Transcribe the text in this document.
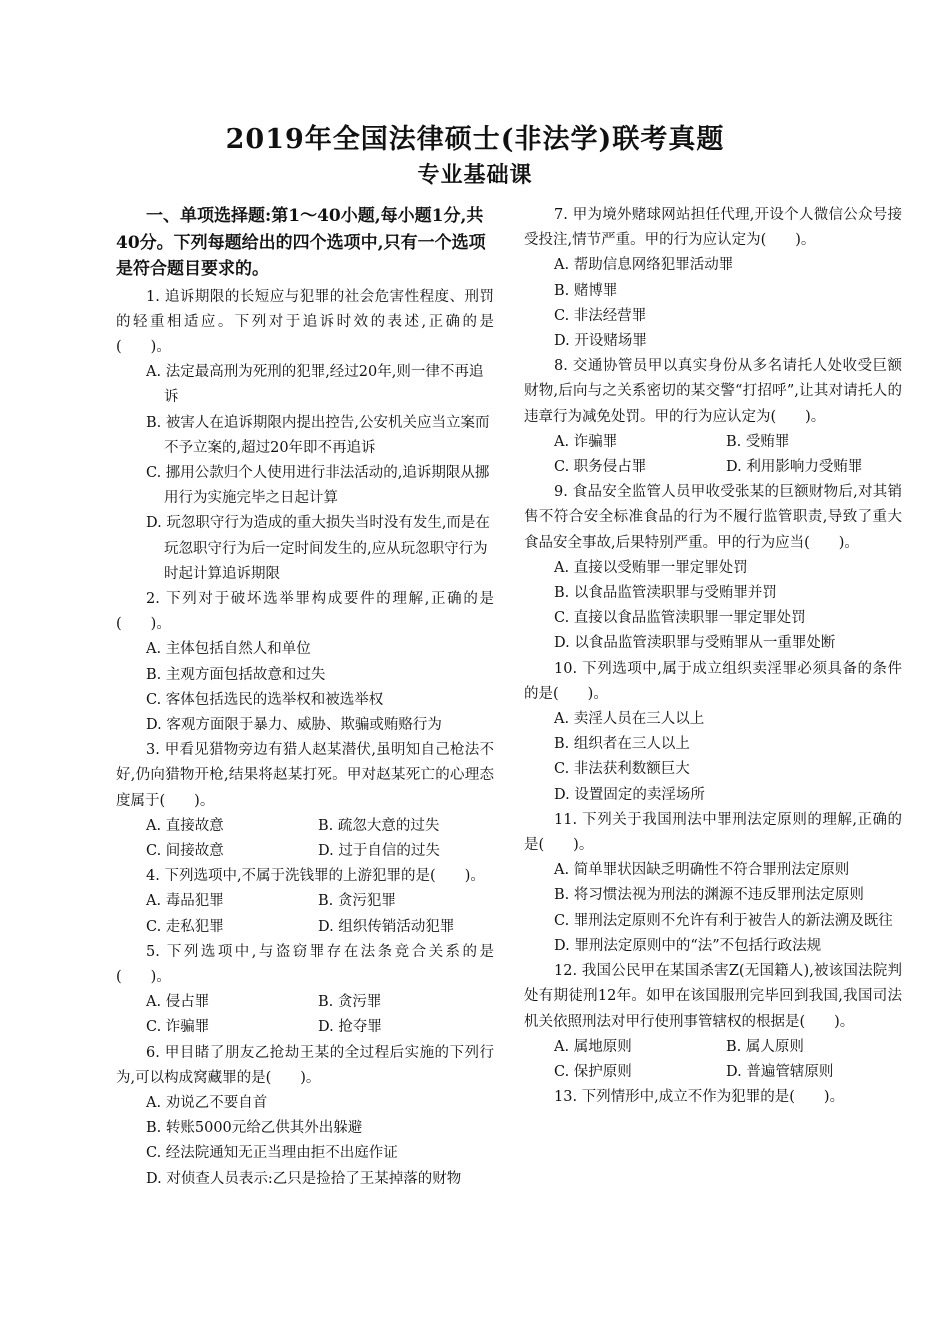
2019年全国法律硕士(非法学)联考真题
专业基础课
一、单项选择题:第1～40小题,每小题1分,共40分。下列每题给出的四个选项中,只有一个选项是符合题目要求的。
1. 追诉期限的长短应与犯罪的社会危害性程度、刑罚的轻重相适应。下列对于追诉时效的表述,正确的是(　　)。
A. 法定最高刑为死刑的犯罪,经过20年,则一律不再追诉
B. 被害人在追诉期限内提出控告,公安机关应当立案而不予立案的,超过20年即不再追诉
C. 挪用公款归个人使用进行非法活动的,追诉期限从挪用行为实施完毕之日起计算
D. 玩忽职守行为造成的重大损失当时没有发生,而是在玩忽职守行为后一定时间发生的,应从玩忽职守行为时起计算追诉期限
2. 下列对于破坏选举罪构成要件的理解,正确的是(　　)。
A. 主体包括自然人和单位
B. 主观方面包括故意和过失
C. 客体包括选民的选举权和被选举权
D. 客观方面限于暴力、威胁、欺骗或贿赂行为
3. 甲看见猎物旁边有猎人赵某潜伏,虽明知自己枪法不好,仍向猎物开枪,结果将赵某打死。甲对赵某死亡的心理态度属于(　　)。
A. 直接故意	B. 疏忽大意的过失
C. 间接故意	D. 过于自信的过失
4. 下列选项中,不属于洗钱罪的上游犯罪的是(　　)。
A. 毒品犯罪	B. 贪污犯罪
C. 走私犯罪	D. 组织传销活动犯罪
5. 下列选项中,与盗窃罪存在法条竞合关系的是(　　)。
A. 侵占罪	B. 贪污罪
C. 诈骗罪	D. 抢夺罪
6. 甲目睹了朋友乙抢劫王某的全过程后实施的下列行为,可以构成窝藏罪的是(　　)。
A. 劝说乙不要自首
B. 转账5000元给乙供其外出躲避
C. 经法院通知无正当理由拒不出庭作证
D. 对侦查人员表示:乙只是捡拾了王某掉落的财物
7. 甲为境外赌球网站担任代理,开设个人微信公众号接受投注,情节严重。甲的行为应认定为(　　)。
A. 帮助信息网络犯罪活动罪
B. 赌博罪
C. 非法经营罪
D. 开设赌场罪
8. 交通协管员甲以真实身份从多名请托人处收受巨额财物,后向与之关系密切的某交警“打招呼”,让其对请托人的违章行为减免处罚。甲的行为应认定为(　　)。
A. 诈骗罪	B. 受贿罪
C. 职务侵占罪	D. 利用影响力受贿罪
9. 食品安全监管人员甲收受张某的巨额财物后,对其销售不符合安全标准食品的行为不履行监管职责,导致了重大食品安全事故,后果特别严重。甲的行为应当(　　)。
A. 直接以受贿罪一罪定罪处罚
B. 以食品监管渎职罪与受贿罪并罚
C. 直接以食品监管渎职罪一罪定罪处罚
D. 以食品监管渎职罪与受贿罪从一重罪处断
10. 下列选项中,属于成立组织卖淫罪必须具备的条件的是(　　)。
A. 卖淫人员在三人以上
B. 组织者在三人以上
C. 非法获利数额巨大
D. 设置固定的卖淫场所
11. 下列关于我国刑法中罪刑法定原则的理解,正确的是(　　)。
A. 简单罪状因缺乏明确性不符合罪刑法定原则
B. 将习惯法视为刑法的渊源不违反罪刑法定原则
C. 罪刑法定原则不允许有利于被告人的新法溯及既往
D. 罪刑法定原则中的“法”不包括行政法规
12. 我国公民甲在某国杀害Z(无国籍人),被该国法院判处有期徒刑12年。如甲在该国服刑完毕回到我国,我国司法机关依照刑法对甲行使刑事管辖权的根据是(　　)。
A. 属地原则	B. 属人原则
C. 保护原则	D. 普遍管辖原则
13. 下列情形中,成立不作为犯罪的是(　　)。
